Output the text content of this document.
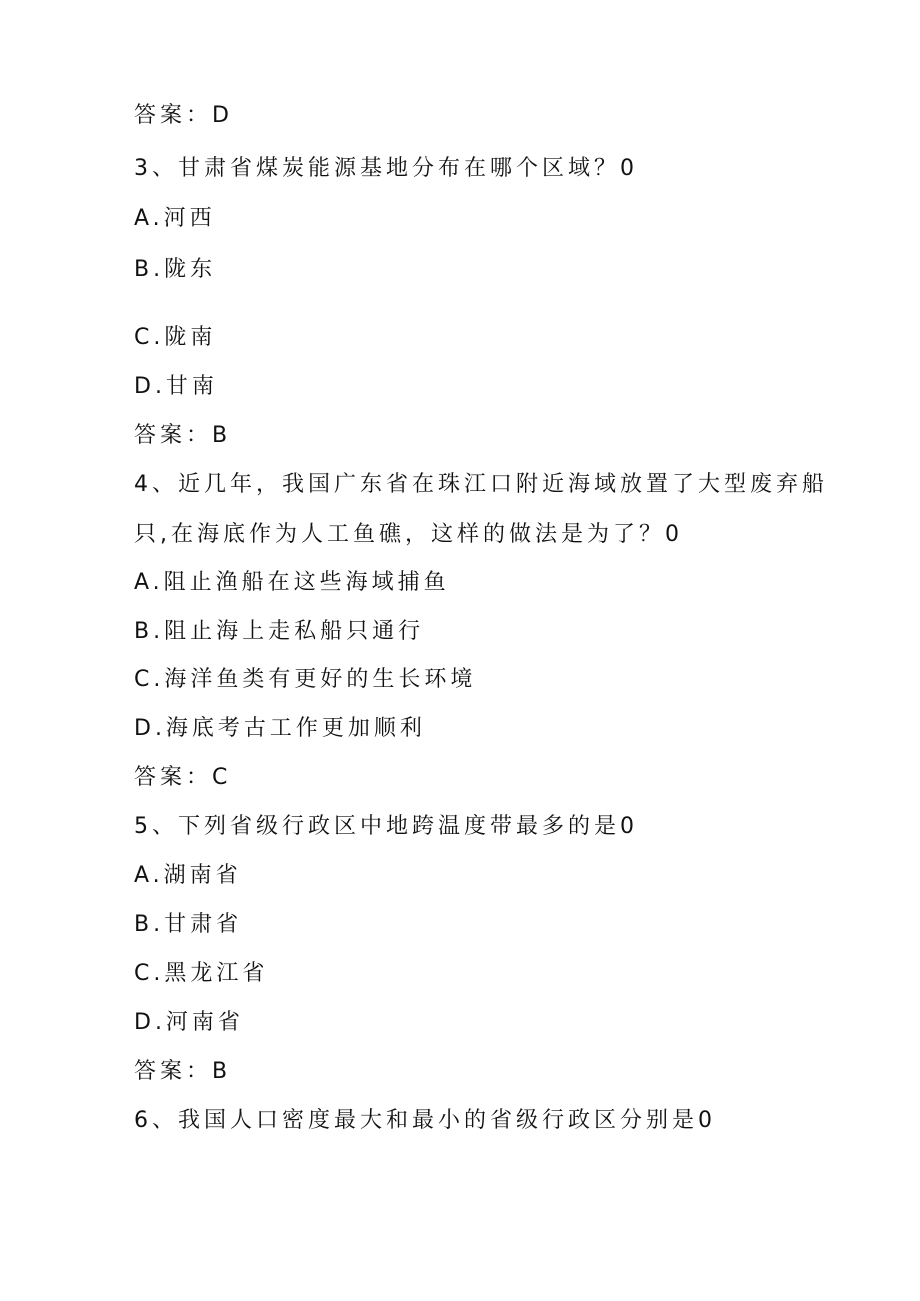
答案：D
3、甘肃省煤炭能源基地分布在哪个区域？0
A.河西
B.陇东
C.陇南
D.甘南
答案：B
4、近几年，我国广东省在珠江口附近海域放置了大型废弃船
只,在海底作为人工鱼礁，这样的做法是为了？0
A.阻止渔船在这些海域捕鱼
B.阻止海上走私船只通行
C.海洋鱼类有更好的生长环境
D.海底考古工作更加顺利
答案：C
5、下列省级行政区中地跨温度带最多的是0
A.湖南省
B.甘肃省
C.黑龙江省
D.河南省
答案：B
6、我国人口密度最大和最小的省级行政区分别是0
